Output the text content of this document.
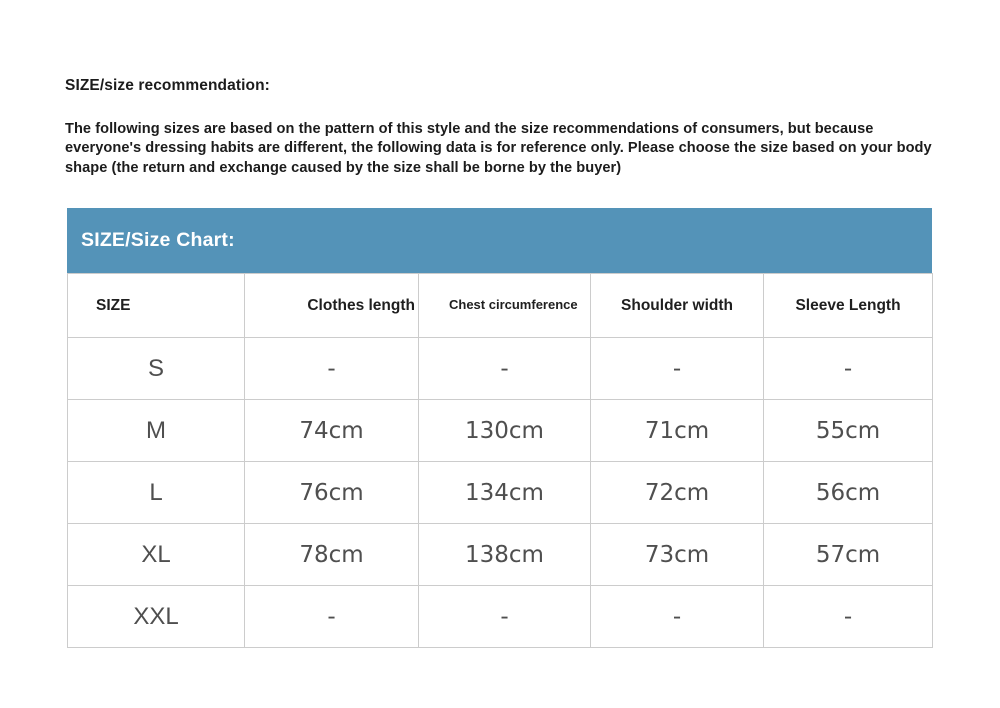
SIZE/size recommendation:
The following sizes are based on the pattern of this style and the size recommendations of consumers, but because everyone's dressing habits are different, the following data is for reference only. Please choose the size based on your body shape (the return and exchange caused by the size shall be borne by the buyer)
SIZE/Size Chart:
SIZE	Clothes length	Chest circumference	Shoulder width	Sleeve Length
S	-	-	-	-
M	74cm	130cm	71cm	55cm
L	76cm	134cm	72cm	56cm
XL	78cm	138cm	73cm	57cm
XXL	-	-	-	-
